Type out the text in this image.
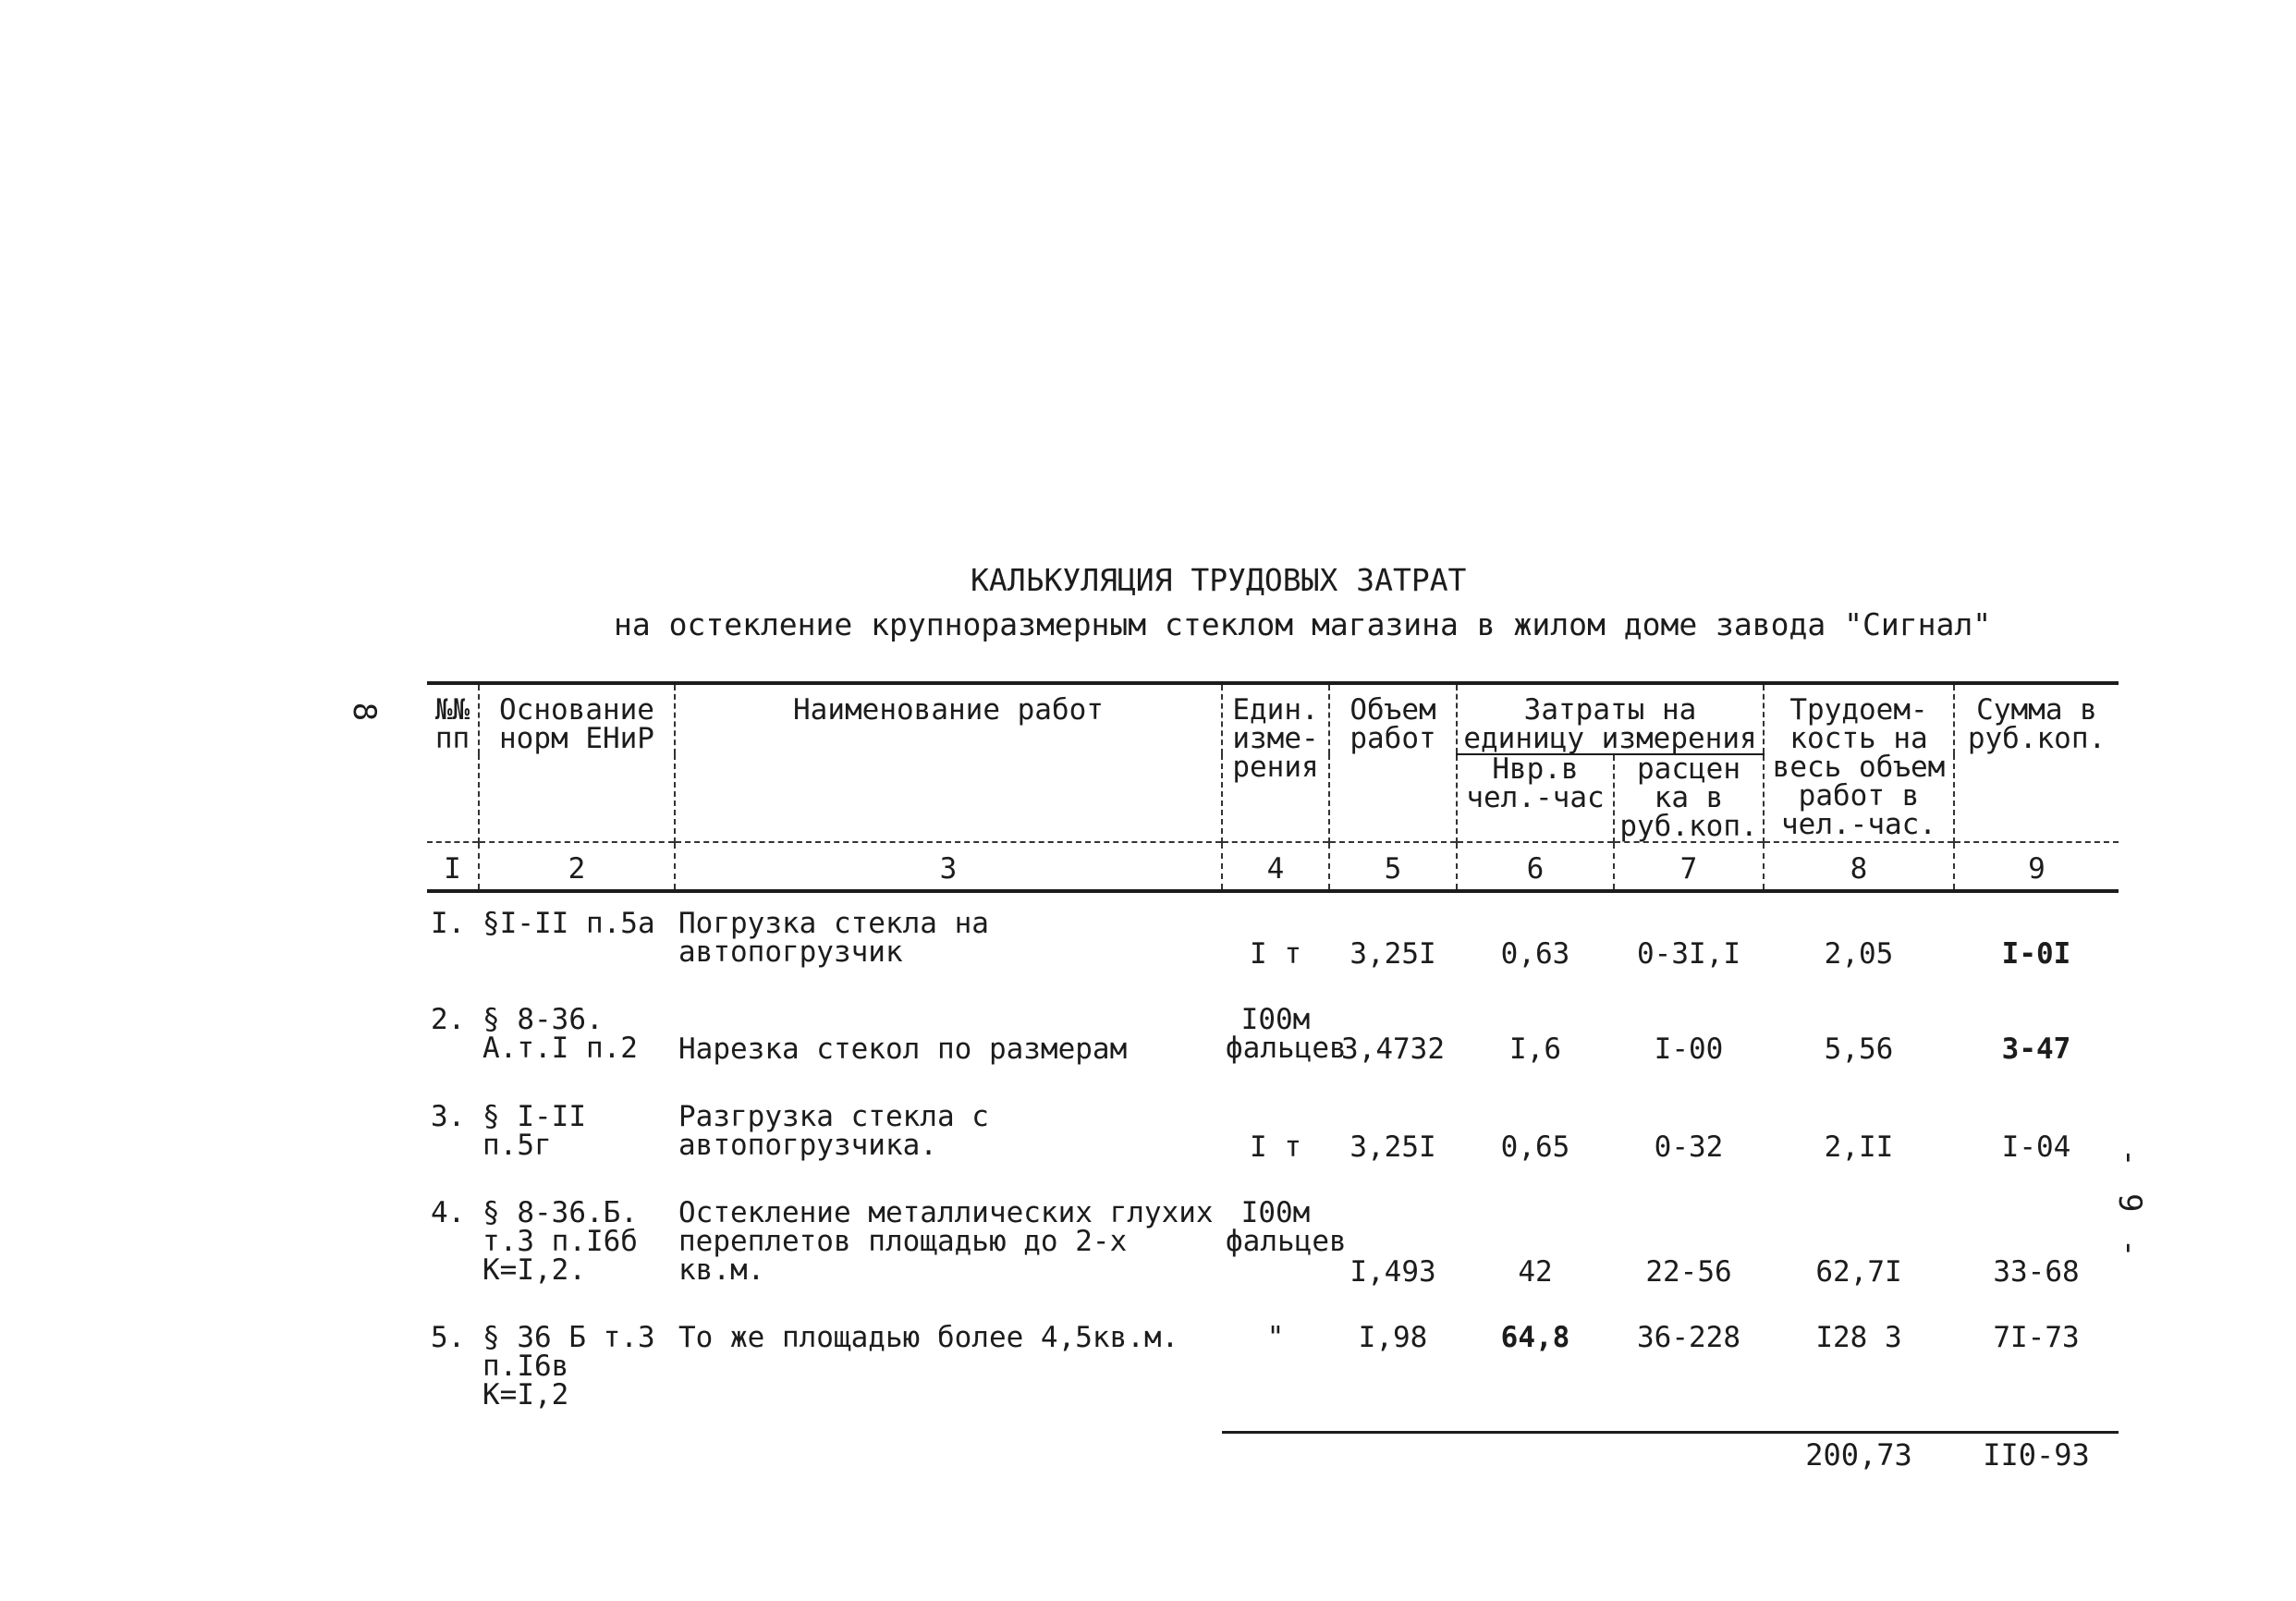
8
- 9 -
КАЛЬКУЛЯЦИЯ ТРУДОВЫХ ЗАТРАТ
на остекление крупноразмерным стеклом магазина в жилом доме завода "Сигнал"
№№ пп	Основание норм ЕНиР	Наименование работ	Един. изме- рения	Объем работ	Затраты на единицу измерения		Трудоем- кость на весь объем работ в чел.-час.	Сумма в руб.коп.
					Нвр.в чел.-час	расцен ка в руб.коп.		
I	2	3	4	5	6	7	8	9
I.	§I-II п.5а	Погрузка стекла на автопогрузчик	I т	3,25I	0,63	0-3I,I	2,05	I-0I
2.	§ 8-36. А.т.I п.2	Нарезка стекол по размерам	I00м фальцев	3,4732	I,6	I-00	5,56	3-47
3.	§ I-II п.5г	Разгрузка стекла с автопогрузчика.	I т	3,25I	0,65	0-32	2,II	I-04
4.	§ 8-36.Б. т.3 п.I6б К=I,2.	Остекление металлических глухих переплетов площадью до 2-х кв.м.	I00м фальцев	I,493	42	22-56	62,7I	33-68
5.	§ 36 Б т.3 п.I6в К=I,2	То же площадью более 4,5кв.м.	"	I,98	64,8	36-228	I28 3	7I-73
							200,73	II0-93
